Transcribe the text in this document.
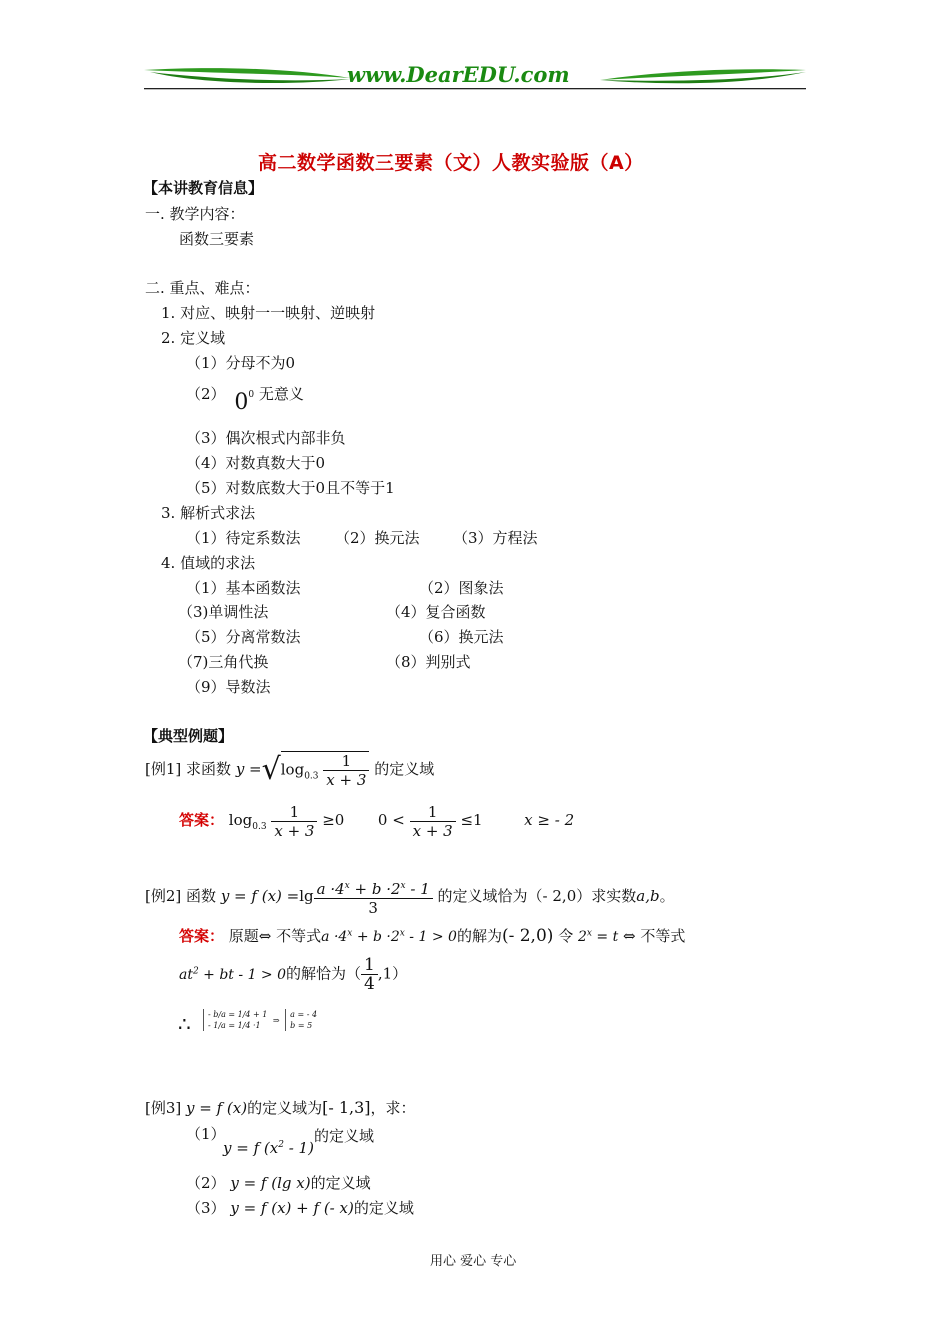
www.DearEDU.com
高二数学函数三要素（文）人教实验版（A）
【本讲教育信息】
一. 教学内容：
函数三要素
二. 重点、难点：
1. 对应、映射一一映射、逆映射
2. 定义域
（1）分母不为0
（2） $0^0$ 无意义
（3）偶次根式内部非负
（4）对数真数大于0
（5）对数底数大于0且不等于1
3. 解析式求法
（1）待定系数法 （2）换元法 （3）方程法
4. 值域的求法
（1）基本函数法	（2）图象法
（3)单调性法	（4）复合函数
（5）分离常数法	（6）换元法
（7)三角代换	（8）判别式
（9）导数法
【典型例题】
[例1] 求函数 $y =√\log_{0.3} \frac{1}{x + 3}$ 的定义域
答案： $\log_{0.3} \frac{1}{x + 3} \ge 0$ $0 < \frac{1}{x + 3} \le 1$	x ≥ - 2
[例2] 函数 y = f $(x) =\lg \frac{a \cdot 4^x + b \cdot 2^x - 1}{3}$ 的定义域恰为（- 2,0）求实数a,b。
答案： 原题⇔ 不等式$a \cdot 4^x + b \cdot 2^x - 1 > 0$的解为(- 2,0) 令 $2^x = t$ ⇔ 不等式
$at^2$ + bt - 1 > 0的解恰为（ $\frac{1}{4} ,1$）
∴ - b/a = 1/4 + 1
- 1/a = 1/4 ·1
⇒
a = - 4
b = 5
[例3] y = f (x)的定义域为[- 1,3]，求：
（1）
y = f $(x^2 - 1)$的定义域
（2） y = f (lg x)的定义域
（3） y = f (x) + f (- x)的定义域
用心 爱心 专心
